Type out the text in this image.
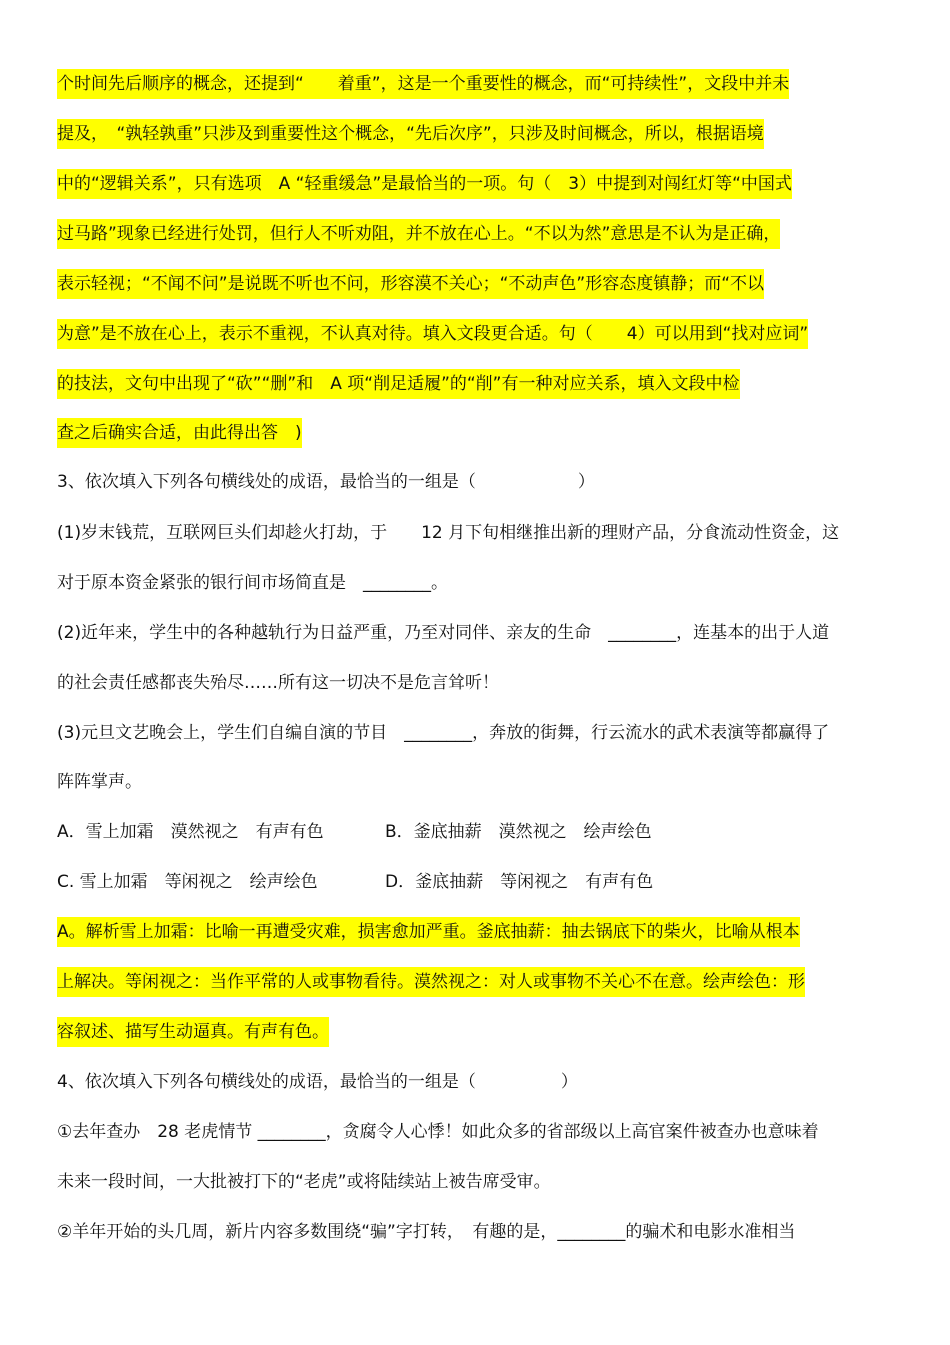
个时间先后顺序的概念，还提到“　　着重”，这是一个重要性的概念，而“可持续性”，文段中并未
提及，　“孰轻孰重”只涉及到重要性这个概念，“先后次序”，只涉及时间概念，所以，根据语境
中的“逻辑关系”，只有选项　A “轻重缓急”是最恰当的一项。句（　3）中提到对闯红灯等“中国式
过马路”现象已经进行处罚，但行人不听劝阻，并不放在心上。“不以为然”意思是不认为是正确，
表示轻视；“不闻不问”是说既不听也不问，形容漠不关心；“不动声色”形容态度镇静；而“不以
为意”是不放在心上，表示不重视，不认真对待。填入文段更合适。句（　　4）可以用到“找对应词”
的技法，文句中出现了“砍”“删”和　A 项“削足适履”的“削”有一种对应关系，填入文段中检
查之后确实合适，由此得出答　)
3、依次填入下列各句横线处的成语，最恰当的一组是（　　　　　　）
(1)岁末钱荒，互联网巨头们却趁火打劫，于　　12 月下旬相继推出新的理财产品，分食流动性资金，这
对于原本资金紧张的银行间市场简直是　________。
(2)近年来，学生中的各种越轨行为日益严重，乃至对同伴、亲友的生命　________，连基本的出于人道
的社会责任感都丧失殆尽……所有这一切决不是危言耸听！
(3)元旦文艺晚会上，学生们自编自演的节目　________，奔放的街舞，行云流水的武术表演等都赢得了
阵阵掌声。
A．雪上加霜　漠然视之　有声有色	B．釜底抽薪　漠然视之　绘声绘色
C. 雪上加霜　等闲视之　绘声绘色	D．釜底抽薪　等闲视之　有声有色
A。解析雪上加霜：比喻一再遭受灾难，损害愈加严重。釜底抽薪：抽去锅底下的柴火，比喻从根本
上解决。等闲视之：当作平常的人或事物看待。漠然视之：对人或事物不关心不在意。绘声绘色：形
容叙述、描写生动逼真。有声有色。
4、依次填入下列各句横线处的成语，最恰当的一组是（　　　　　）
①去年查办　28 老虎情节 ________，贪腐令人心悸！如此众多的省部级以上高官案件被查办也意味着
未来一段时间，一大批被打下的“老虎”或将陆续站上被告席受审。
②羊年开始的头几周，新片内容多数围绕“骗”字打转，　有趣的是，________的骗术和电影水准相当
